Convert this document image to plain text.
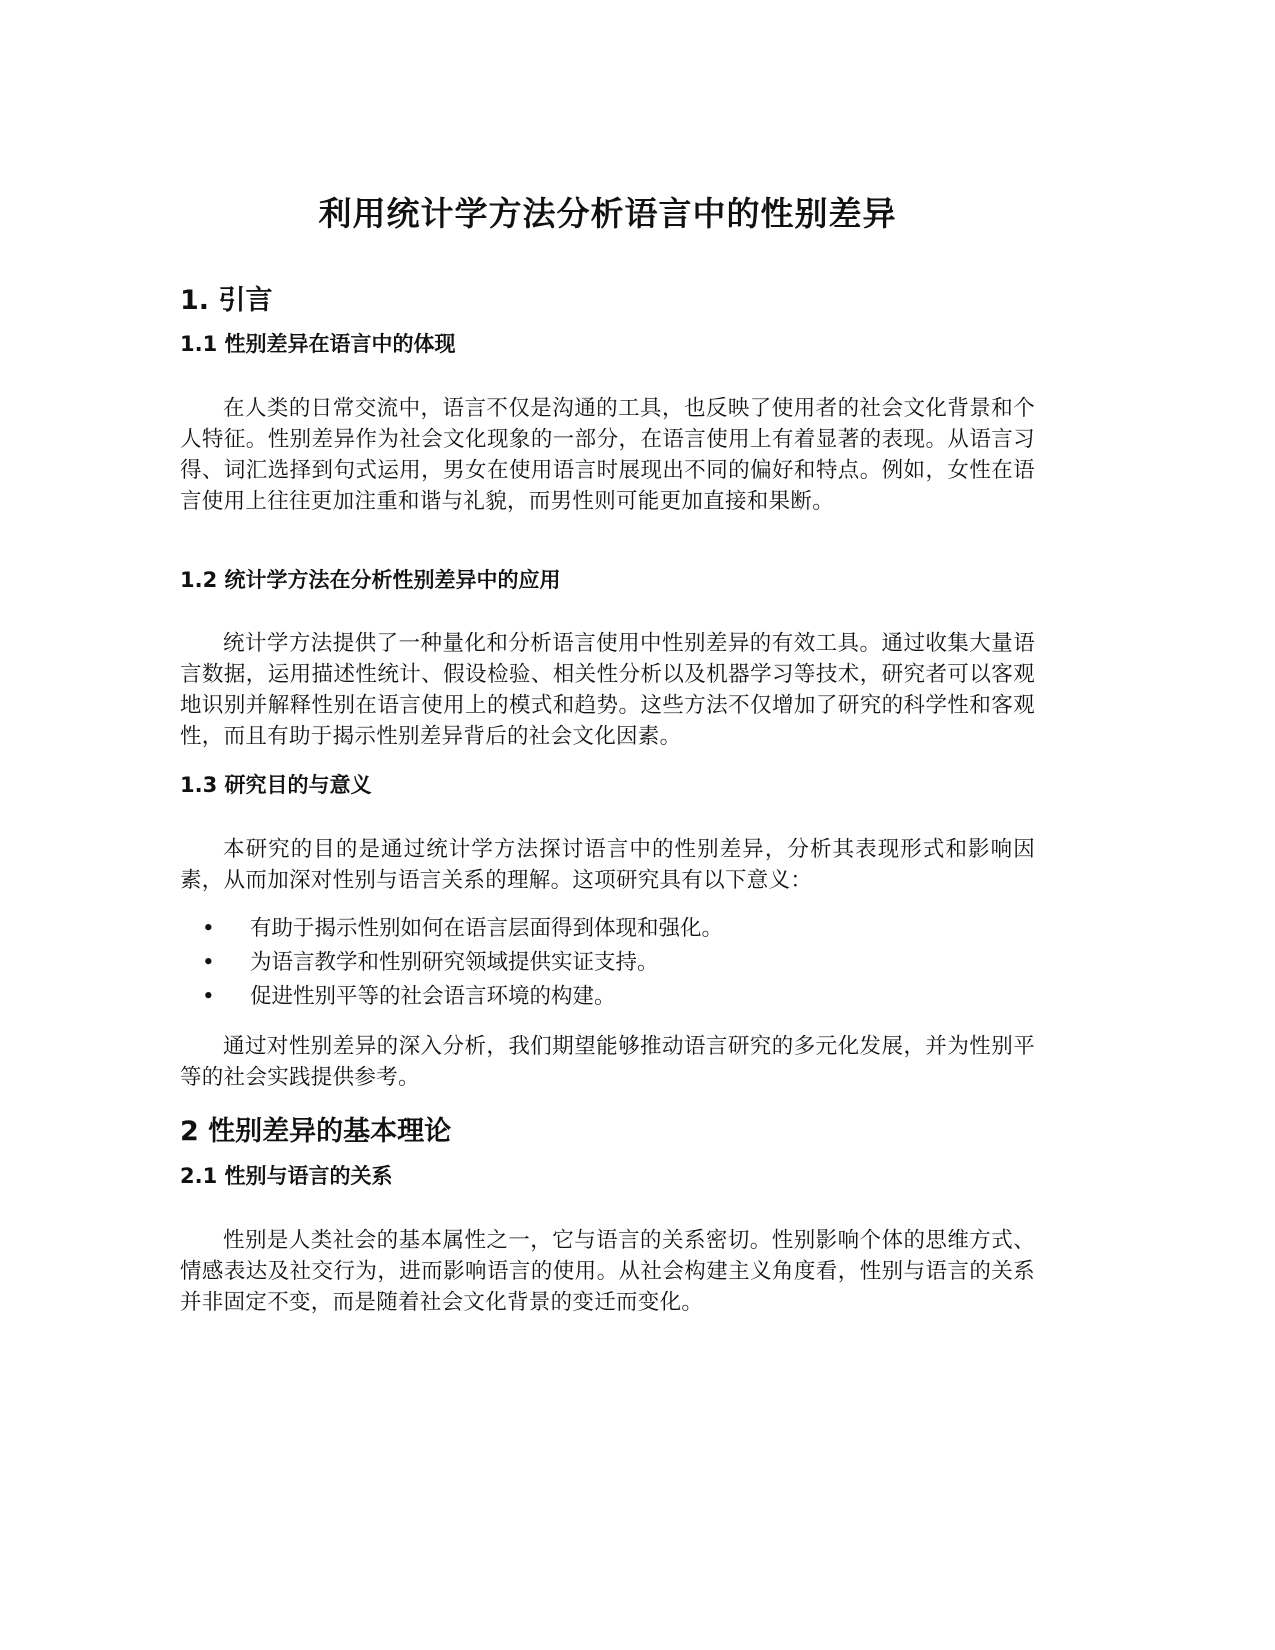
利用统计学方法分析语言中的性别差异
1. 引言
1.1 性别差异在语言中的体现

在人类的日常交流中，语言不仅是沟通的工具，也反映了使用者的社会文化背景和个人特征。性别差异作为社会文化现象的一部分，在语言使用上有着显著的表现。从语言习得、词汇选择到句式运用，男女在使用语言时展现出不同的偏好和特点。例如，女性在语言使用上往往更加注重和谐与礼貌，而男性则可能更加直接和果断。

1.2 统计学方法在分析性别差异中的应用

统计学方法提供了一种量化和分析语言使用中性别差异的有效工具。通过收集大量语言数据，运用描述性统计、假设检验、相关性分析以及机器学习等技术，研究者可以客观地识别并解释性别在语言使用上的模式和趋势。这些方法不仅增加了研究的科学性和客观性，而且有助于揭示性别差异背后的社会文化因素。

1.3 研究目的与意义

本研究的目的是通过统计学方法探讨语言中的性别差异，分析其表现形式和影响因素，从而加深对性别与语言关系的理解。这项研究具有以下意义：

• 有助于揭示性别如何在语言层面得到体现和强化。
• 为语言教学和性别研究领域提供实证支持。
• 促进性别平等的社会语言环境的构建。

通过对性别差异的深入分析，我们期望能够推动语言研究的多元化发展，并为性别平等的社会实践提供参考。

2 性别差异的基本理论
2.1 性别与语言的关系

性别是人类社会的基本属性之一，它与语言的关系密切。性别影响个体的思维方式、情感表达及社交行为，进而影响语言的使用。从社会构建主义角度看，性别与语言的关系并非固定不变，而是随着社会文化背景的变迁而变化。
